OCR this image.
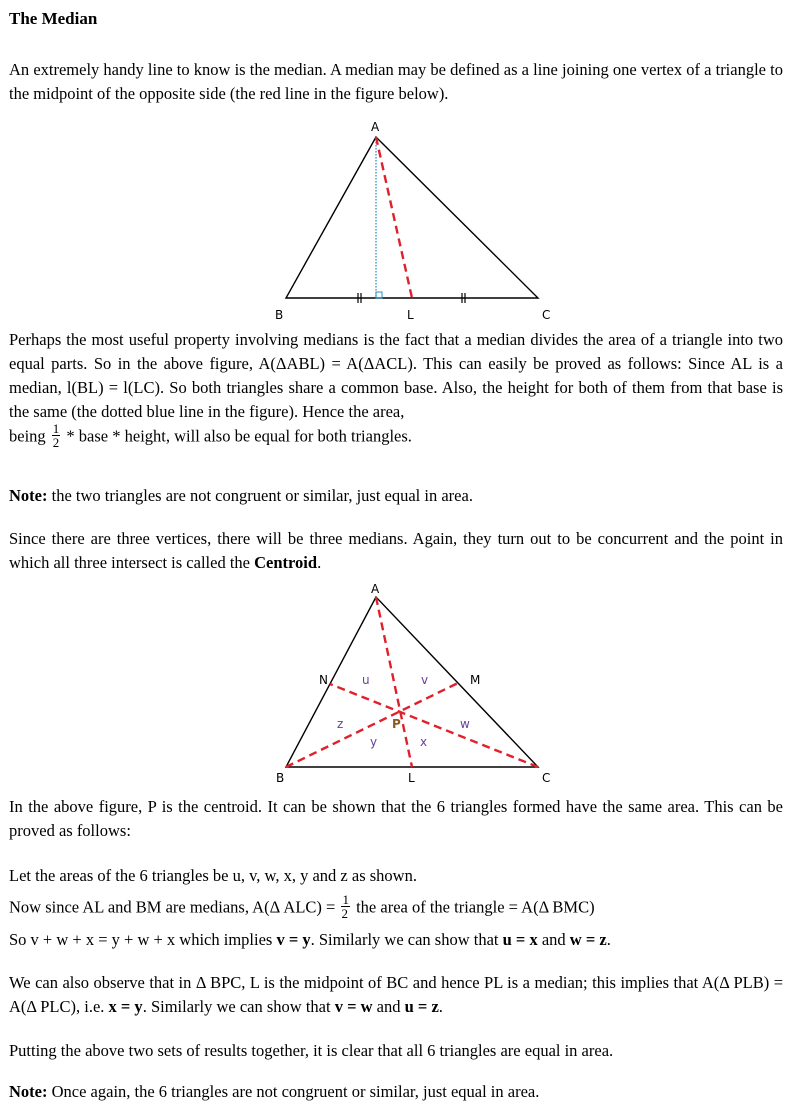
The Median
An extremely handy line to know is the median. A median may be defined as a line joining one vertex of a triangle to the midpoint of the opposite side (the red line in the figure below).
A
B	L	C
Perhaps the most useful property involving medians is the fact that a median divides the area of a triangle into two equal parts. So in the above figure, A(ΔABL) = A(ΔACL). This can easily be proved as follows: Since AL is a median, l(BL) = l(LC). So both triangles share a common base. Also, the height for both of them from that base is the same (the dotted blue line in the figure). Hence the area,
being $\frac{1}{2}$ * base * height, will also be equal for both triangles.
Note: the two triangles are not congruent or similar, just equal in area.
Since there are three vertices, there will be three medians. Again, they turn out to be concurrent and the point in which all three intersect is called the Centroid.
A
N	M
B	L	C
P
u	v
w
x
y
z
In the above figure, P is the centroid. It can be shown that the 6 triangles formed have the same area. This can be proved as follows:
Let the areas of the 6 triangles be u, v, w, x, y and z as shown.
Now since AL and BM are medians, A(Δ $ALC) = \frac{1}{2}$ the area of the triangle = A(Δ BMC)
So v + w + x = y + w + x which implies v = y. Similarly we can show that u = x and w = z.
We can also observe that in Δ BPC, L is the midpoint of BC and hence PL is a median; this implies that A(Δ PLB) = A(Δ PLC), i.e. x = y. Similarly we can show that v = w and u = z.
Putting the above two sets of results together, it is clear that all 6 triangles are equal in area.
Note: Once again, the 6 triangles are not congruent or similar, just equal in area.
